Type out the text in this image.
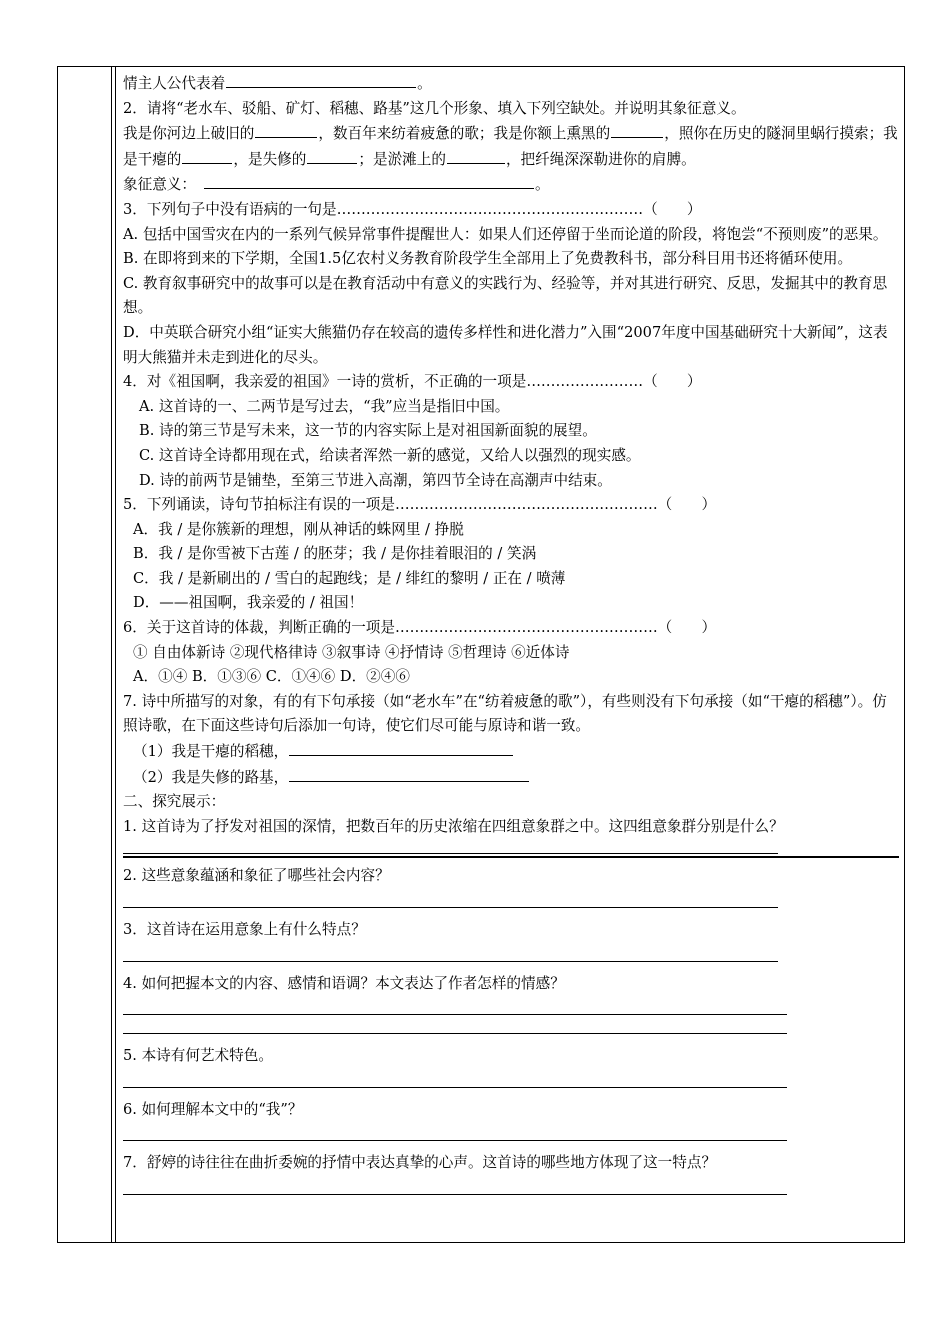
情主人公代表着	。

2．请将“老水车、驳船、矿灯、稻穗、路基”这几个形象、填入下列空缺处。并说明其象征意义。

我是你河边上破旧的	，数百年来纺着疲惫的歌；我是你额上熏黑的	，照你在历史的隧洞里蜗行摸索；我是干瘪的	，是失修的	；是淤滩上的	，把纤绳深深勒进你的肩膊。

象征意义：	。

3．下列句子中没有语病的一句是………………………………………………………（　　）

A. 包括中国雪灾在内的一系列气候异常事件提醒世人：如果人们还停留于坐而论道的阶段，将饱尝“不预则废”的恶果。

B. 在即将到来的下学期，全国1.5亿农村义务教育阶段学生全部用上了免费教科书，部分科目用书还将循环使用。

C. 教育叙事研究中的故事可以是在教育活动中有意义的实践行为、经验等，并对其进行研究、反思，发掘其中的教育思想。

D．中英联合研究小组“证实大熊猫仍存在较高的遗传多样性和进化潜力”入围“2007年度中国基础研究十大新闻”，这表明大熊猫并未走到进化的尽头。

4．对《祖国啊，我亲爱的祖国》一诗的赏析，不正确的一项是……………………（　　）

A. 这首诗的一、二两节是写过去，“我”应当是指旧中国。

B. 诗的第三节是写未来，这一节的内容实际上是对祖国新面貌的展望。

C. 这首诗全诗都用现在式，给读者浑然一新的感觉，又给人以强烈的现实感。

D. 诗的前两节是铺垫，至第三节进入高潮，第四节全诗在高潮声中结束。

5．下列诵读，诗句节拍标注有误的一项是………………………………………………（　　）

A．我 / 是你簇新的理想，刚从神话的蛛网里 / 挣脱

B．我 / 是你雪被下古莲 / 的胚芽；我 / 是你挂着眼泪的 / 笑涡

C．我 / 是新刷出的 / 雪白的起跑线；是 / 绯红的黎明 / 正在 / 喷薄

D．——祖国啊，我亲爱的 / 祖国！

6．关于这首诗的体裁，判断正确的一项是………………………………………………（　　）

① 自由体新诗 ②现代格律诗 ③叙事诗 ④抒情诗 ⑤哲理诗 ⑥近体诗

A．①④ B．①③⑥ C．①④⑥ D．②④⑥

7. 诗中所描写的对象，有的有下句承接（如“老水车”在“纺着疲惫的歌”），有些则没有下句承接（如“干瘪的稻穗”）。仿照诗歌，在下面这些诗句后添加一句诗，使它们尽可能与原诗和谐一致。

（1）我是干瘪的稻穗，

（2）我是失修的路基，

二、探究展示：

1. 这首诗为了抒发对祖国的深情，把数百年的历史浓缩在四组意象群之中。这四组意象群分别是什么？

2. 这些意象蕴涵和象征了哪些社会内容？

3．这首诗在运用意象上有什么特点？

4. 如何把握本文的内容、感情和语调？本文表达了作者怎样的情感？

5. 本诗有何艺术特色。

6. 如何理解本文中的“我”？

7．舒婷的诗往往在曲折委婉的抒情中表达真挚的心声。这首诗的哪些地方体现了这一特点？
